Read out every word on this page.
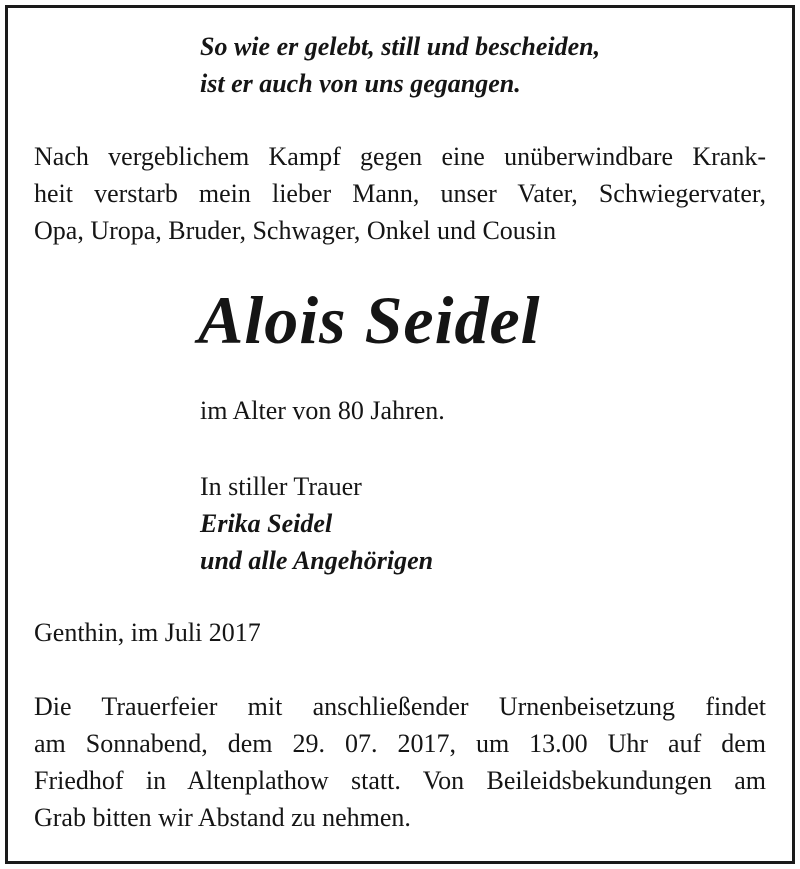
So wie er gelebt, still und bescheiden,
ist er auch von uns gegangen.
Nach vergeblichem Kampf gegen eine unüberwindbare Krank-
heit verstarb mein lieber Mann, unser Vater, Schwiegervater,
Opa, Uropa, Bruder, Schwager, Onkel und Cousin
Alois Seidel
im Alter von 80 Jahren.
In stiller Trauer
Erika Seidel
und alle Angehörigen
Genthin, im Juli 2017
Die Trauerfeier mit anschließender Urnenbeisetzung findet
am Sonnabend, dem 29. 07. 2017, um 13.00 Uhr auf dem
Friedhof in Altenplathow statt. Von Beileidsbekundungen am
Grab bitten wir Abstand zu nehmen.
